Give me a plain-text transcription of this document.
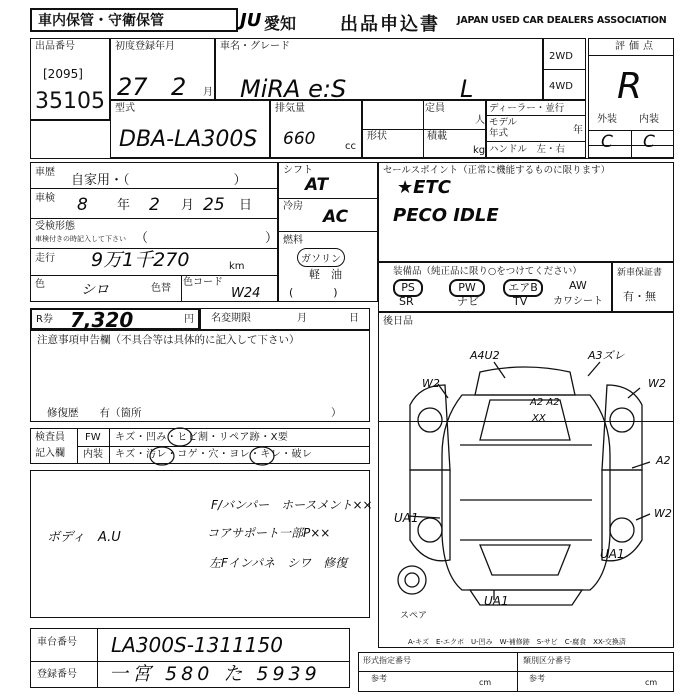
車内保管・守衛保管	JU 愛知 出品申込書 JAPAN USED CAR DEALERS ASSOCIATION
出品番号
[2095]
35105
初度登録年月
27 2 月
車名・グレード
MiRA e:S	L
2WD
4WD
評価点
R
外装 内装
C C
型式
DBA-LA300S
排気量
660	cc
定員
人
形状	積載
kg
ディーラー・並行
モデル
年式	年
ハンドル　左・右
車歴
自家用・（　　　　　　　　）
車検 8 年 2 月 25 日
受検形態
車検付きの時記入して下さい （　　　　　　　　　）
走行 9万1千270	km
色	シロ	色替
色コード
W24
シフト
AT
冷房
AC
燃料
ガソリン
軽　油
()
セールスポイント（正常に機能するものに限ります）
★ETC
PECO IDLE
装備品（純正品に限り○をつけてください）
PS	PW	エアB	AW
SR	ナビ	TV	カワシート
新車保証書
有・無
R券 7,320	円 名変期限	月	日
注意事項申告欄（不具合等は具体的に記入して下さい）
修復歴　　有（箇所	）
後日品
検査員
記入欄
FW キズ・凹み・ヒビ割・リペア跡・X要
内装 キズ・汚レ・コゲ・穴・ヨレ・キレ・破レ
F/バンパー　ホースメント××
コアサポート一部P××
左Fインパネ　シワ　修復
ボディ　A.U
A4U2	A3ズレ
W2	W2
A2 A2
XX
A2
W2
UA1
UA1
UA1
スペア
A-キズ　E-エクボ　U-凹み　W-補修跡　S-サビ　C-腐食　XX-交換済
車台番号 LA300S-1311150
登録番号 一宮 580 た 5939
形式指定番号	類別区分番号
参考	cm	参考	cm
